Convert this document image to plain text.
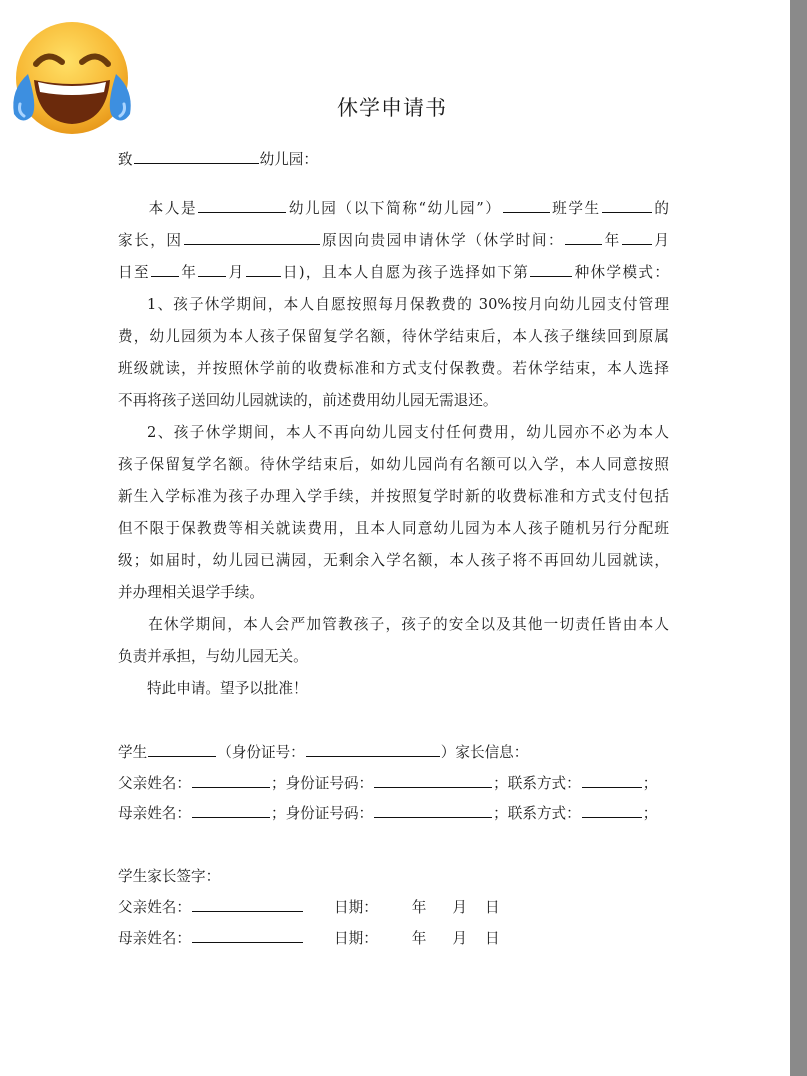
休学申请书
致	幼儿园：
本人是	幼儿园（以下简称“幼儿园”）	班学生	的
家长，因	原因向贵园申请休学（休学时间：	年 月
日至 年 月	日)，且本人自愿为孩子选择如下第	种休学模式：
1、孩子休学期间，本人自愿按照每月保教费的 30%按月向幼儿园支付管理
费，幼儿园须为本人孩子保留复学名额，待休学结束后，本人孩子继续回到原属
班级就读，并按照休学前的收费标准和方式支付保教费。若休学结束，本人选择
不再将孩子送回幼儿园就读的，前述费用幼儿园无需退还。
2、孩子休学期间，本人不再向幼儿园支付任何费用，幼儿园亦不必为本人
孩子保留复学名额。待休学结束后，如幼儿园尚有名额可以入学，本人同意按照
新生入学标准为孩子办理入学手续，并按照复学时新的收费标准和方式支付包括
但不限于保教费等相关就读费用，且本人同意幼儿园为本人孩子随机另行分配班
级；如届时，幼儿园已满园，无剩余入学名额，本人孩子将不再回幼儿园就读，
并办理相关退学手续。
在休学期间，本人会严加管教孩子，孩子的安全以及其他一切责任皆由本人
负责并承担，与幼儿园无关。
特此申请。望予以批准！
学生	（身份证号：	）家长信息：
父亲姓名：	；身份证号码：	；联系方式：	；
母亲姓名：	；身份证号码：	；联系方式：	；
学生家长签字：
父亲姓名：	日期： 年 月 日
母亲姓名：	日期： 年 月 日
